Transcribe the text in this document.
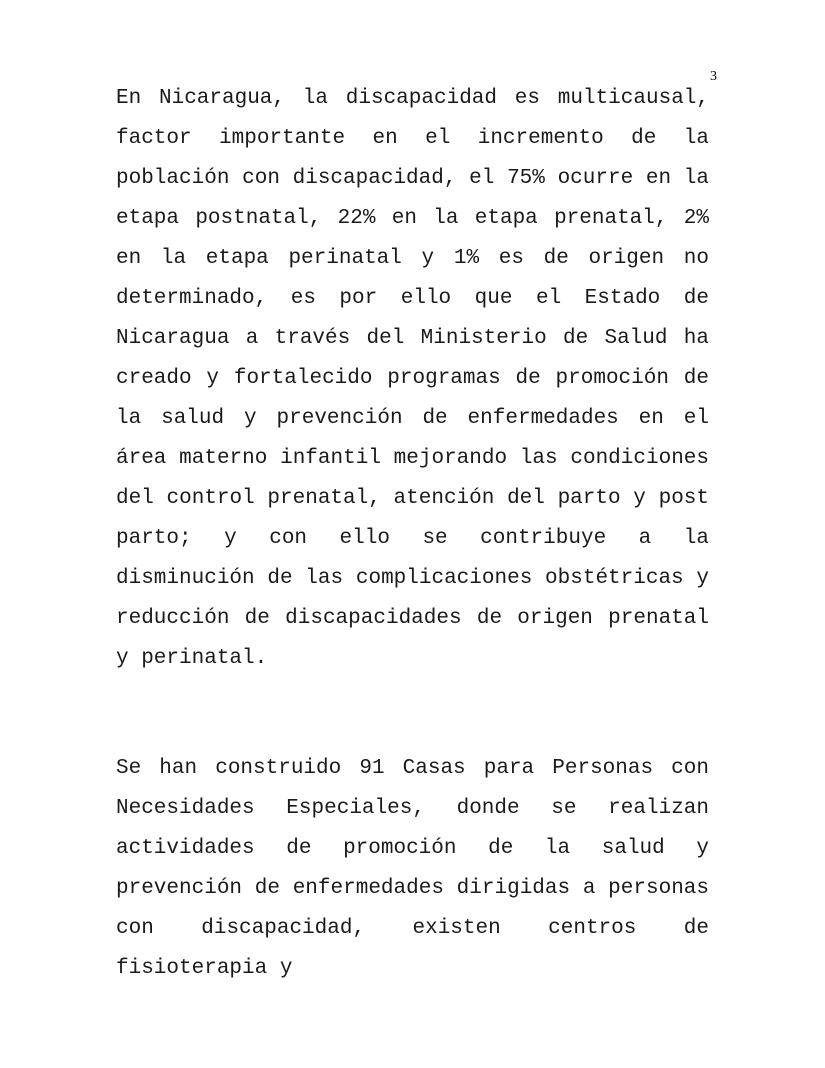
3

En Nicaragua, la discapacidad es multicausal, factor importante en el incremento de la población con discapacidad, el 75% ocurre en la etapa postnatal, 22% en la etapa prenatal, 2% en la etapa perinatal y 1% es de origen no determinado, es por ello que el Estado de Nicaragua a través del Ministerio de Salud ha creado y fortalecido programas de promoción de la salud y prevención de enfermedades en el área materno infantil mejorando las condiciones del control prenatal, atención del parto y post parto; y con ello se contribuye a la disminución de las complicaciones obstétricas y reducción de discapacidades de origen prenatal y perinatal.

Se han construido 91 Casas para Personas con Necesidades Especiales, donde se realizan actividades de promoción de la salud y prevención de enfermedades dirigidas a personas con discapacidad, existen centros de fisioterapia y
